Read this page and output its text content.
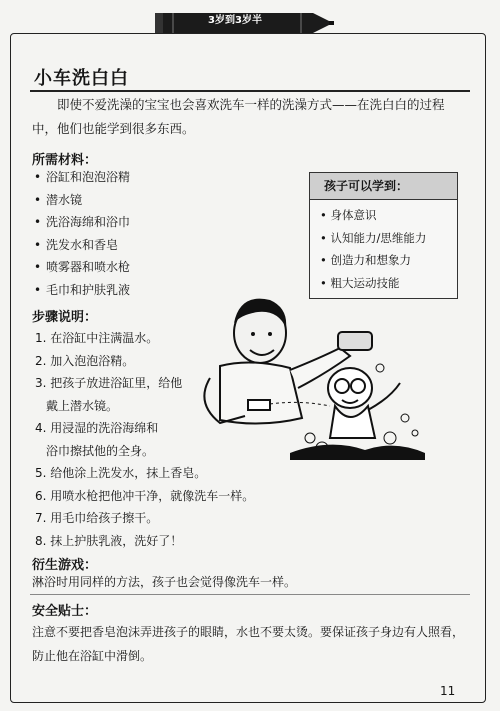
3岁到3岁半
小车洗白白
即使不爱洗澡的宝宝也会喜欢洗车一样的洗澡方式——在洗白白的过程中，他们也能学到很多东西。
所需材料：
• 浴缸和泡泡浴精
• 潜水镜
• 洗浴海绵和浴巾
• 洗发水和香皂
• 喷雾器和喷水枪
• 毛巾和护肤乳液
孩子可以学到：
• 身体意识
• 认知能力/思维能力
• 创造力和想象力
• 粗大运动技能
步骤说明：
1. 在浴缸中注满温水。
2. 加入泡泡浴精。
3. 把孩子放进浴缸里，给他
戴上潜水镜。
4. 用浸湿的洗浴海绵和
浴巾擦拭他的全身。
5. 给他涂上洗发水，抹上香皂。
6. 用喷水枪把他冲干净，就像洗车一样。
7. 用毛巾给孩子擦干。
8. 抹上护肤乳液，洗好了！
衍生游戏：
淋浴时用同样的方法，孩子也会觉得像洗车一样。
安全贴士：
注意不要把香皂泡沫弄进孩子的眼睛，水也不要太烫。要保证孩子身边有人照看，防止他在浴缸中滑倒。
11
